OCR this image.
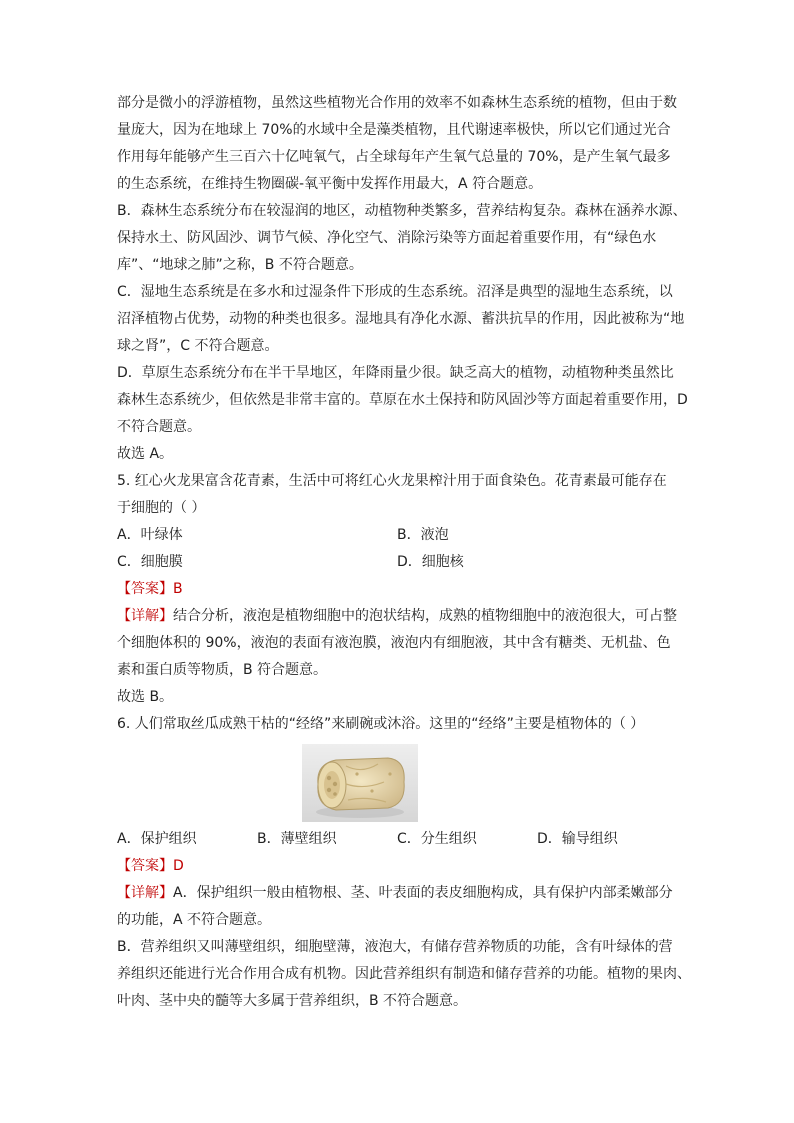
部分是微小的浮游植物，虽然这些植物光合作用的效率不如森林生态系统的植物，但由于数

量庞大，因为在地球上 70%的水域中全是藻类植物，且代谢速率极快，所以它们通过光合

作用每年能够产生三百六十亿吨氧气，占全球每年产生氧气总量的 70%，是产生氧气最多

的生态系统，在维持生物圈碳-氧平衡中发挥作用最大，A 符合题意。

B．森林生态系统分布在较湿润的地区，动植物种类繁多，营养结构复杂。森林在涵养水源、

保持水土、防风固沙、调节气候、净化空气、消除污染等方面起着重要作用，有“绿色水

库”、“地球之肺”之称，B 不符合题意。

C．湿地生态系统是在多水和过湿条件下形成的生态系统。沼泽是典型的湿地生态系统，以

沼泽植物占优势，动物的种类也很多。湿地具有净化水源、蓄洪抗旱的作用，因此被称为“地

球之肾”，C 不符合题意。

D．草原生态系统分布在半干旱地区，年降雨量少很。缺乏高大的植物，动植物种类虽然比

森林生态系统少，但依然是非常丰富的。草原在水土保持和防风固沙等方面起着重要作用，D

不符合题意。

故选 A。

5. 红心火龙果富含花青素，生活中可将红心火龙果榨汁用于面食染色。花青素最可能存在

于细胞的（ ）

A．叶绿体	B．液泡
C．细胞膜	D．细胞核

【答案】B

【详解】结合分析，液泡是植物细胞中的泡状结构，成熟的植物细胞中的液泡很大，可占整

个细胞体积的 90%，液泡的表面有液泡膜，液泡内有细胞液，其中含有糖类、无机盐、色

素和蛋白质等物质，B 符合题意。

故选 B。

6. 人们常取丝瓜成熟干枯的“经络”来刷碗或沐浴。这里的“经络”主要是植物体的（ ）

A．保护组织	B．薄壁组织	C．分生组织	D．输导组织

【答案】D

【详解】A．保护组织一般由植物根、茎、叶表面的表皮细胞构成，具有保护内部柔嫩部分

的功能，A 不符合题意。

B．营养组织又叫薄壁组织，细胞壁薄，液泡大，有储存营养物质的功能，含有叶绿体的营

养组织还能进行光合作用合成有机物。因此营养组织有制造和储存营养的功能。植物的果肉、

叶肉、茎中央的髓等大多属于营养组织，B 不符合题意。
